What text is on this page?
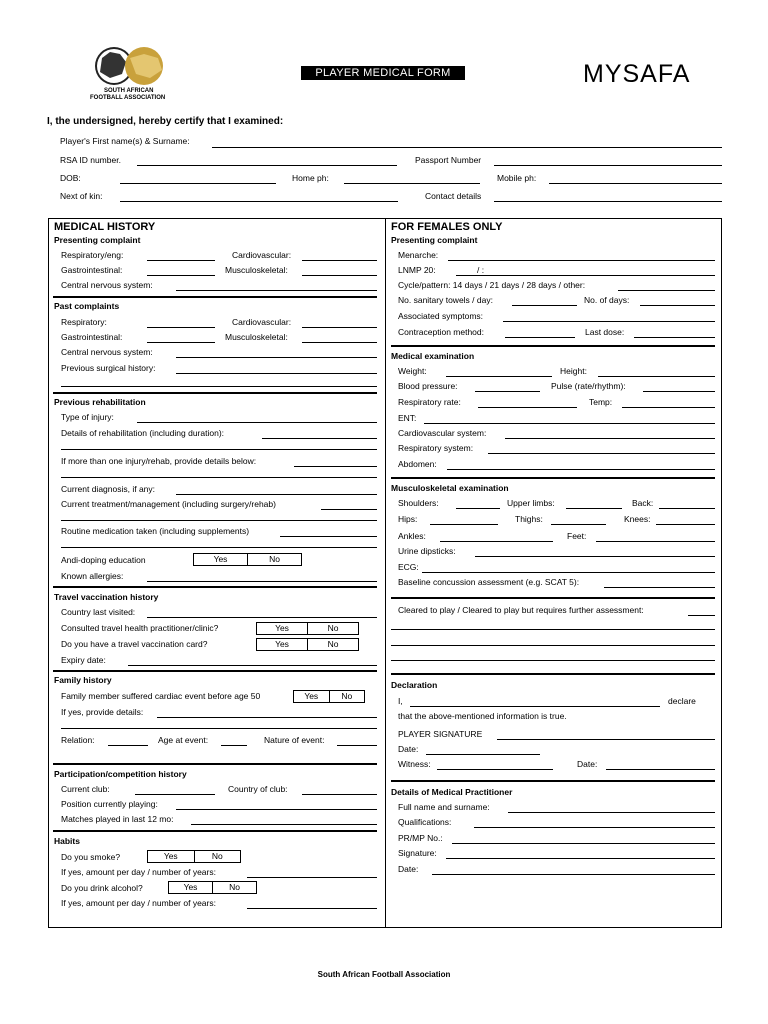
SOUTH AFRICAN
FOOTBALL ASSOCIATION
PLAYER MEDICAL FORM	MYSAFA
I, the undersigned, hereby certify that I examined:
Player's First name(s) & Surname:
RSA ID number.	Passport Number
DOB:	Home ph:	Mobile ph:
Next of kin:	Contact details
MEDICAL HISTORY
Presenting complaint
Respiratory/eng:	Cardiovascular:
Gastrointestinal:	Musculoskeletal:
Central nervous system:
Past complaints
Respiratory:	Cardiovascular:
Gastrointestinal:	Musculoskeletal:
Central nervous system:
Previous surgical history:
Previous rehabilitation
Type of injury:
Details of rehabilitation (including duration):
If more than one injury/rehab, provide details below:
Current diagnosis, if any:
Current treatment/management (including surgery/rehab)
Routine medication taken (including supplements)
Andi-doping education	Yes	No
Known allergies:
Travel vaccination history
Country last visited:
Consulted travel health practitioner/clinic?	Yes	No
Do you have a travel vaccination card?	Yes	No
Expiry date:
Family history
Family member suffered cardiac event before age 50	Yes	No
If yes, provide details:
Relation:	Age at event:	Nature of event:
Participation/competition history
Current club:	Country of club:
Position currently playing:
Matches played in last 12 mo:
Habits
Do you smoke?	Yes	No
If yes, amount per day / number of years:
Do you drink alcohol?	Yes	No
If yes, amount per day / number of years:
FOR FEMALES ONLY
Presenting complaint
Menarche:
LNMP 20:	/ :
Cycle/pattern: 14 days / 21 days / 28 days / other:
No. sanitary towels / day:	No. of days:
Associated symptoms:
Contraception method:	Last dose:
Medical examination
Weight:	Height:
Blood pressure:	Pulse (rate/rhythm):
Respiratory rate:	Temp:
ENT:
Cardiovascular system:
Respiratory system:
Abdomen:
Musculoskeletal examination
Shoulders:	Upper limbs:	Back:
Hips:	Thighs:	Knees:
Ankles:	Feet:
Urine dipsticks:
ECG:
Baseline concussion assessment (e.g. SCAT 5):
Cleared to play / Cleared to play but requires further assessment:
Declaration
I,	declare
that the above-mentioned information is true.
PLAYER SIGNATURE
Date:
Witness:	Date:
Details of Medical Practitioner
Full name and surname:
Qualifications:
PR/MP No.:
Signature:
Date:
South African Football Association
